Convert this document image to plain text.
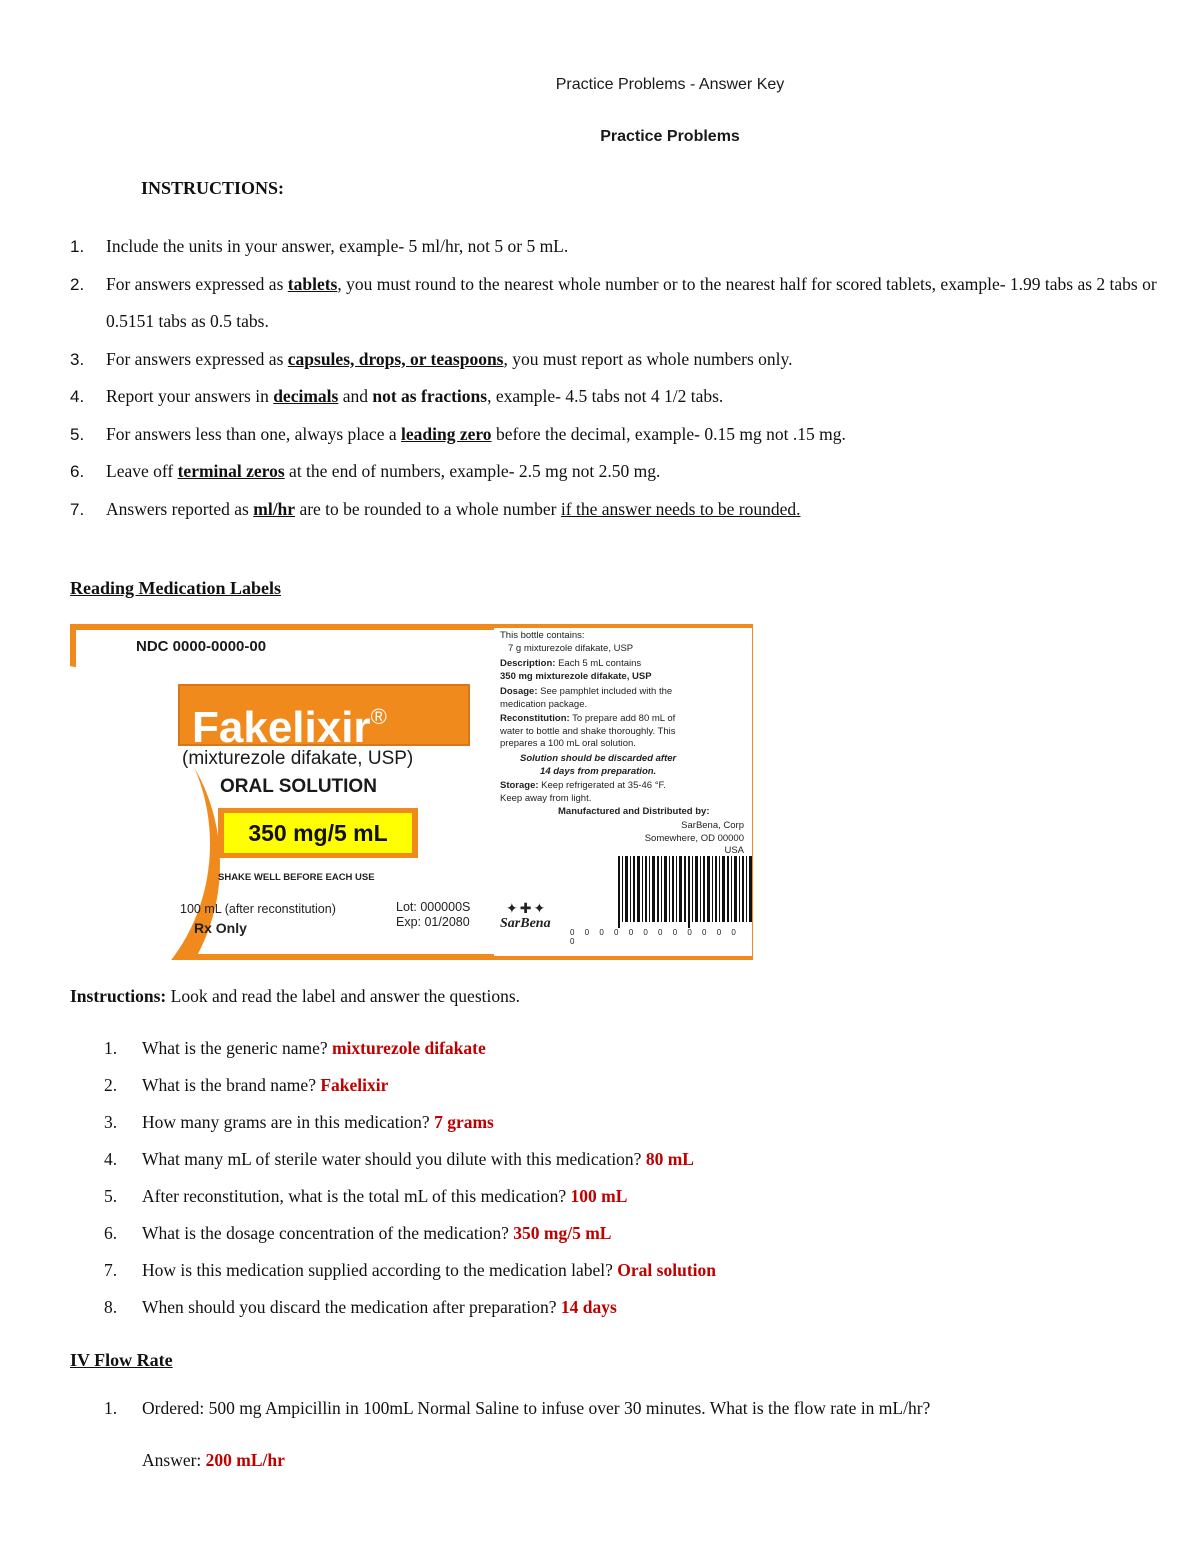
Practice Problems - Answer Key
Practice Problems
INSTRUCTIONS:
1. Include the units in your answer, example- 5 ml/hr, not 5 or 5 mL.
2. For answers expressed as tablets, you must round to the nearest whole number or to the nearest half for scored tablets, example- 1.99 tabs as 2 tabs or 0.5151 tabs as 0.5 tabs.
3. For answers expressed as capsules, drops, or teaspoons, you must report as whole numbers only.
4. Report your answers in decimals and not as fractions, example- 4.5 tabs not 4 1/2 tabs.
5. For answers less than one, always place a leading zero before the decimal, example- 0.15 mg not .15 mg.
6. Leave off terminal zeros at the end of numbers, example- 2.5 mg not 2.50 mg.
7. Answers reported as ml/hr are to be rounded to a whole number if the answer needs to be rounded.
Reading Medication Labels
NDC 0000-0000-00
Fakelixir®
(mixturezole difakate, USP)
ORAL SOLUTION
350 mg/5 mL
SHAKE WELL BEFORE EACH USE
100 mL (after reconstitution)
Rx Only
Lot: 000000S
Exp: 01/2080
This bottle contains:
7 g mixturezole difakate, USP
Description: Each 5 mL contains
350 mg mixturezole difakate, USP
Dosage: See pamphlet included with the
medication package.
Reconstitution: To prepare add 80 mL of
water to bottle and shake thoroughly. This
prepares a 100 mL oral solution.
Solution should be discarded after
14 days from preparation.
Storage: Keep refrigerated at 35-46 °F.
Keep away from light.
Manufactured and Distributed by:
SarBena, Corp
Somewhere, OD 00000
USA
0 0 0 0 0 0 0 0 0 0 0 0 0
✦✚✦
SarBena
Instructions: Look and read the label and answer the questions.
1. What is the generic name? mixturezole difakate
2. What is the brand name? Fakelixir
3. How many grams are in this medication? 7 grams
4. What many mL of sterile water should you dilute with this medication? 80 mL
5. After reconstitution, what is the total mL of this medication? 100 mL
6. What is the dosage concentration of the medication? 350 mg/5 mL
7. How is this medication supplied according to the medication label? Oral solution
8. When should you discard the medication after preparation? 14 days
IV Flow Rate
1. Ordered: 500 mg Ampicillin in 100mL Normal Saline to infuse over 30 minutes. What is the flow rate in mL/hr?
Answer: 200 mL/hr
